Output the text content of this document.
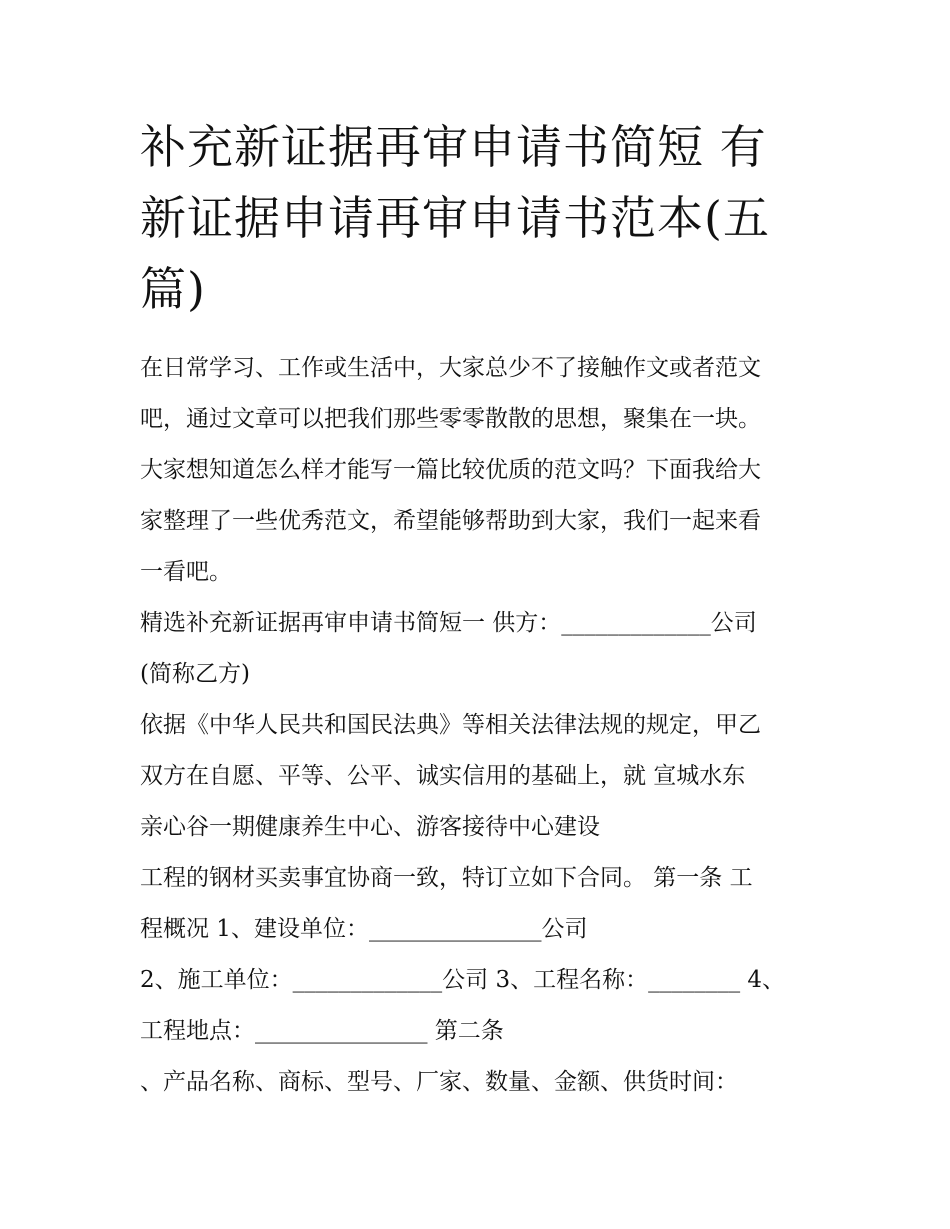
补充新证据再审申请书简短 有
新证据申请再审申请书范本(五
篇)
在日常学习、工作或生活中，大家总少不了接触作文或者范文
吧，通过文章可以把我们那些零零散散的思想，聚集在一块。
大家想知道怎么样才能写一篇比较优质的范文吗？下面我给大
家整理了一些优秀范文，希望能够帮助到大家，我们一起来看
一看吧。
精选补充新证据再审申请书简短一 供方：_____________公司
(简称乙方)
依据《中华人民共和国民法典》等相关法律法规的规定，甲乙
双方在自愿、平等、公平、诚实信用的基础上，就 宣城水东
亲心谷一期健康养生中心、游客接待中心建设
工程的钢材买卖事宜协商一致，特订立如下合同。 第一条 工
程概况 1、建设单位：_______________公司
2、施工单位：_____________公司 3、工程名称：________ 4、
工程地点：_______________ 第二条
、产品名称、商标、型号、厂家、数量、金额、供货时间：
